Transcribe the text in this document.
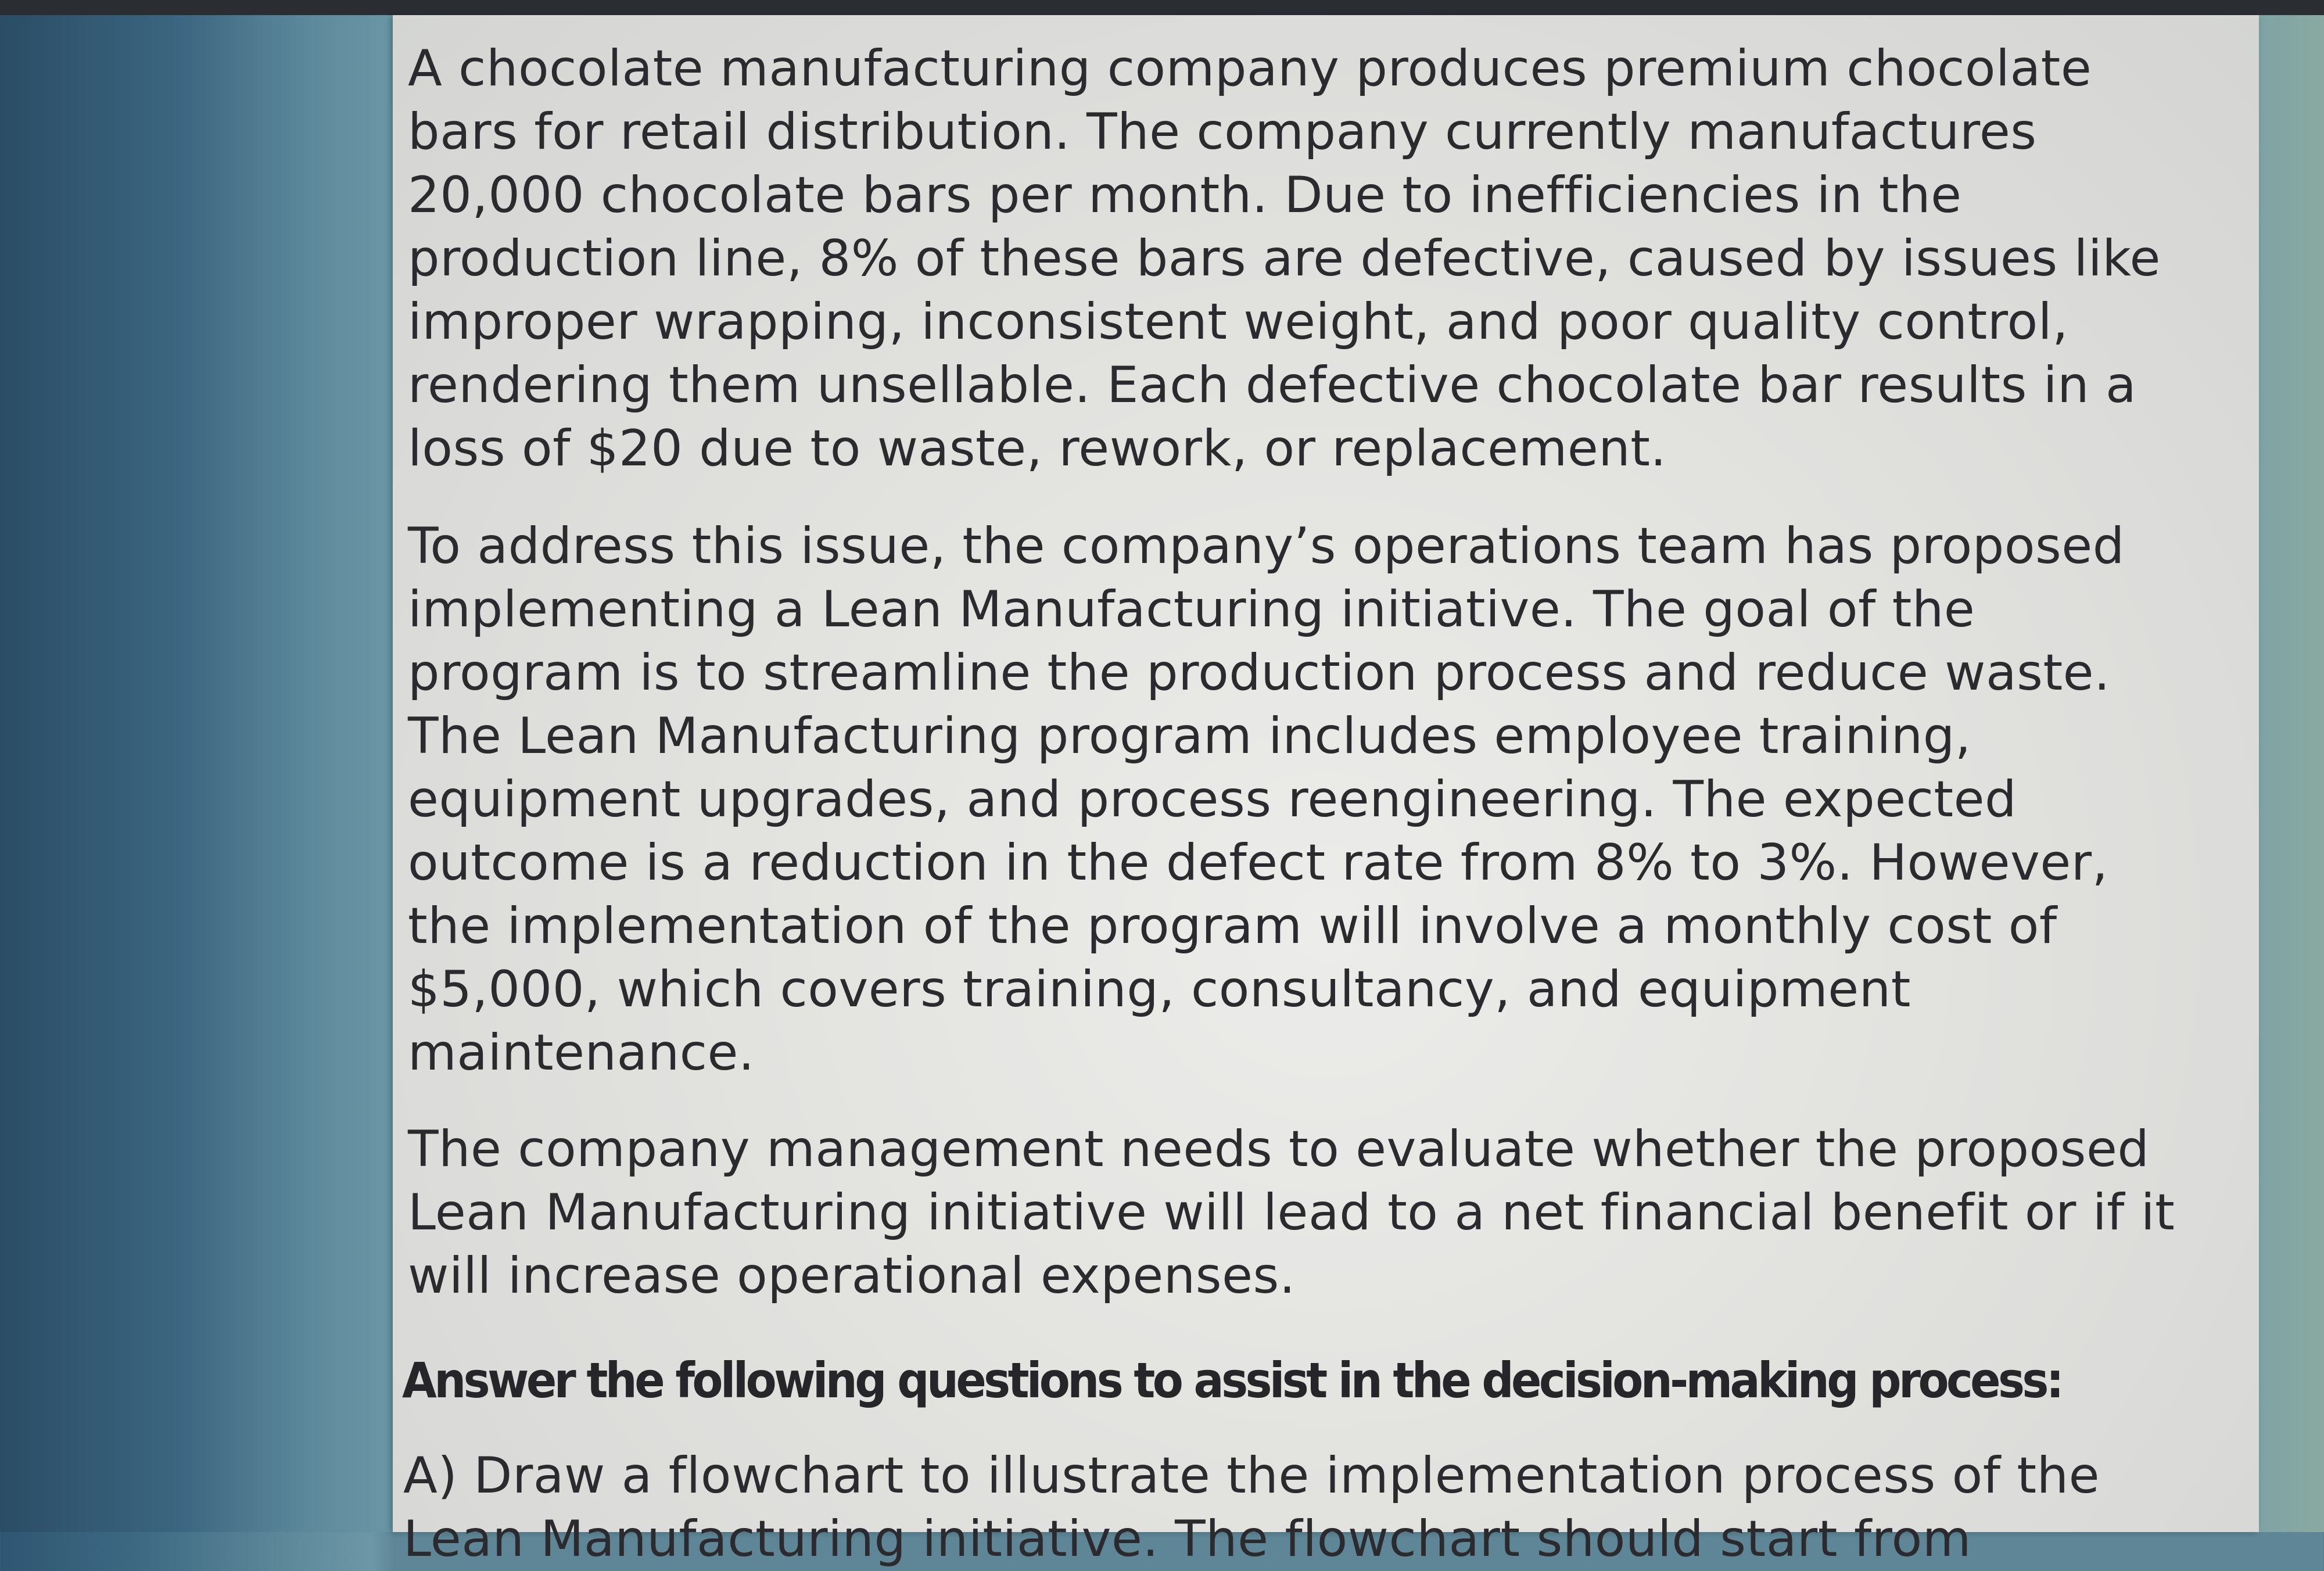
A chocolate manufacturing company produces premium chocolate
bars for retail distribution. The company currently manufactures
20,000 chocolate bars per month. Due to inefficiencies in the
production line, 8% of these bars are defective, caused by issues like
improper wrapping, inconsistent weight, and poor quality control,
rendering them unsellable. Each defective chocolate bar results in a
loss of $20 due to waste, rework, or replacement.

To address this issue, the company’s operations team has proposed
implementing a Lean Manufacturing initiative. The goal of the
program is to streamline the production process and reduce waste.
The Lean Manufacturing program includes employee training,
equipment upgrades, and process reengineering. The expected
outcome is a reduction in the defect rate from 8% to 3%. However,
the implementation of the program will involve a monthly cost of
$5,000, which covers training, consultancy, and equipment
maintenance.

The company management needs to evaluate whether the proposed
Lean Manufacturing initiative will lead to a net financial benefit or if it
will increase operational expenses.

Answer the following questions to assist in the decision-making process:

A) Draw a flowchart to illustrate the implementation process of the
Lean Manufacturing initiative. The flowchart should start from
